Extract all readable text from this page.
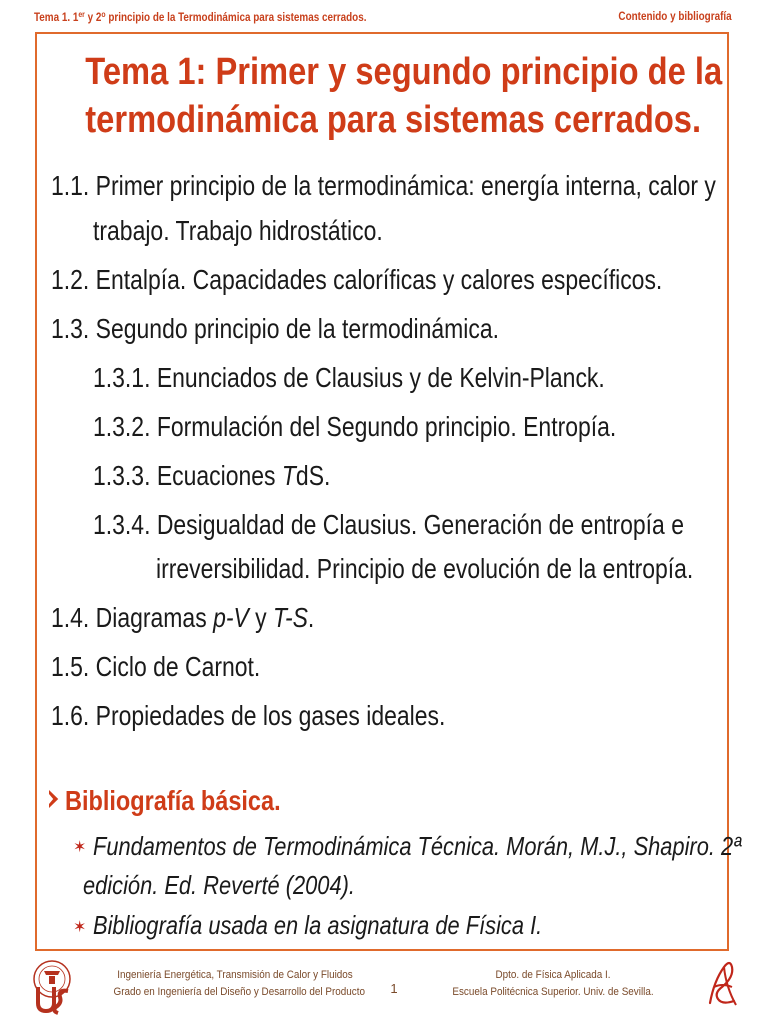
Tema 1. 1er y 2$^o$ principio de la Termodinámica para sistemas cerrados.	Contenido y bibliografía
Tema 1: Primer y segundo principio de la
termodinámica para sistemas cerrados.
1.1. Primer principio de la termodinámica: energía interna, calor y
trabajo. Trabajo hidrostático.
1.2. Entalpía. Capacidades caloríficas y calores específicos.
1.3. Segundo principio de la termodinámica.
1.3.1. Enunciados de Clausius y de Kelvin-Planck.
1.3.2. Formulación del Segundo principio. Entropía.
1.3.3. Ecuaciones TdS.
1.3.4. Desigualdad de Clausius. Generación de entropía e
irreversibilidad. Principio de evolución de la entropía.
1.4. Diagramas p-V y T-S.
1.5. Ciclo de Carnot.
1.6. Propiedades de los gases ideales.
Bibliografía básica.
✶ Fundamentos de Termodinámica Técnica. Morán, M.J., Shapiro. 2ª
edición. Ed. Reverté (2004).
✶ Bibliografía usada en la asignatura de Física I.
Ingeniería Energética, Transmisión de Calor y Fluidos
Grado en Ingeniería del Diseño y Desarrollo del Producto	1
Dpto. de Física Aplicada I.
Escuela Politécnica Superior. Univ. de Sevilla.
